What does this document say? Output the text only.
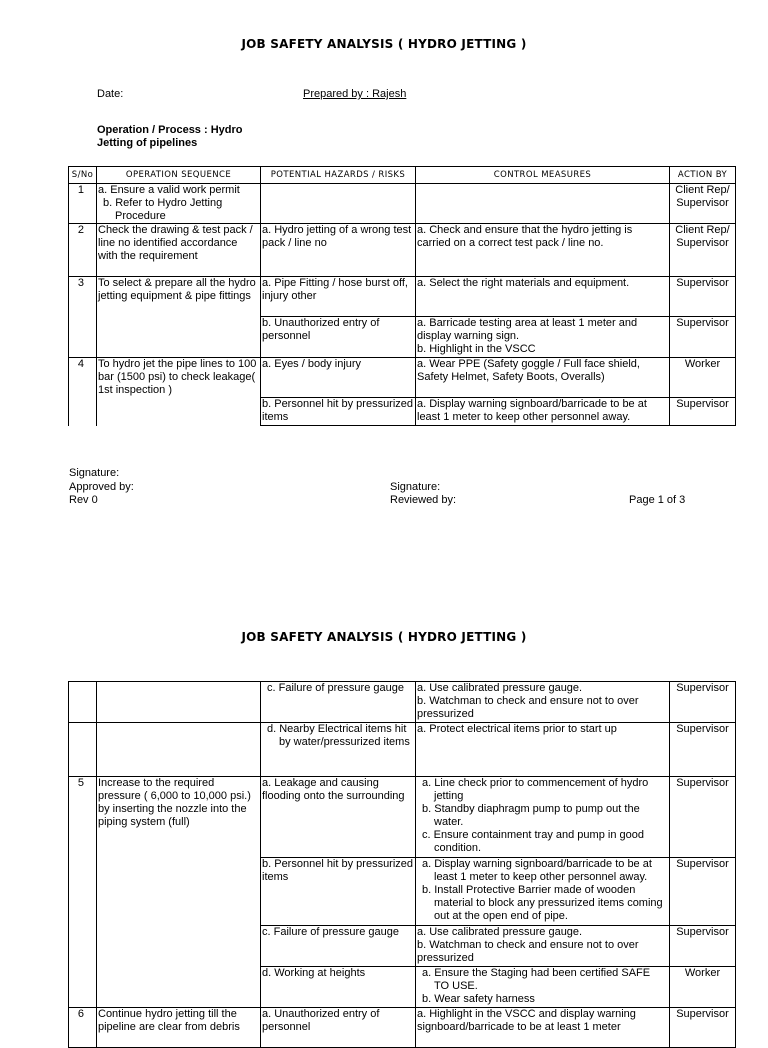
JOB SAFETY ANALYSIS ( HYDRO JETTING )
Date:	Prepared by : Rajesh
Operation / Process : Hydro
Jetting of pipelines
S/No	OPERATION SEQUENCE	POTENTIAL HAZARDS / RISKS	CONTROL MEASURES	ACTION BY
1	a. Ensure a valid work permit
b. Refer to Hydro Jetting Procedure			Client Rep/ Supervisor
2	Check the drawing & test pack / line no identified accordance with the requirement	a. Hydro jetting of a wrong test pack / line no	a. Check and ensure that the hydro jetting is carried on a correct test pack / line no.	Client Rep/ Supervisor
3	To select & prepare all the hydro jetting equipment & pipe fittings	a. Pipe Fitting / hose burst off, injury other	a. Select the right materials and equipment.	Supervisor
		b. Unauthorized entry of personnel	a. Barricade testing area at least 1 meter and display warning sign.
b. Highlight in the VSCC	Supervisor
4	To hydro jet the pipe lines to 100 bar (1500 psi) to check leakage( 1st inspection )	a. Eyes / body injury	a. Wear PPE (Safety goggle / Full face shield, Safety Helmet, Safety Boots, Overalls)	Worker
		b. Personnel hit by pressurized items	a. Display warning signboard/barricade to be at least 1 meter to keep other personnel away.	Supervisor
Signature:
Approved by:
Rev 0
Signature:
Reviewed by:	Page 1 of 3
JOB SAFETY ANALYSIS ( HYDRO JETTING )

		c. Failure of pressure gauge	a. Use calibrated pressure gauge.
b. Watchman to check and ensure not to over pressurized	Supervisor

		d. Nearby Electrical items hit by water/pressurized items	a. Protect electrical items prior to start up	Supervisor
5	Increase to the required pressure ( 6,000 to 10,000 psi.) by inserting the nozzle into the piping system (full)	a. Leakage and causing flooding onto the surrounding	a. Line check prior to commencement of hydro jetting
b. Standby diaphragm pump to pump out the water.
c. Ensure containment tray and pump in good condition.	Supervisor
		b. Personnel hit by pressurized items	a. Display warning signboard/barricade to be at least 1 meter to keep other personnel away.
b. Install Protective Barrier made of wooden material to block any pressurized items coming out at the open end of pipe.	Supervisor
		c. Failure of pressure gauge	a. Use calibrated pressure gauge.
b. Watchman to check and ensure not to over pressurized	Supervisor
		d. Working at heights	a. Ensure the Staging had been certified SAFE TO USE.
b. Wear safety harness	Worker
6	Continue hydro jetting till the pipeline are clear from debris	a. Unauthorized entry of personnel	a. Highlight in the VSCC and display warning signboard/barricade to be at least 1 meter	Supervisor
